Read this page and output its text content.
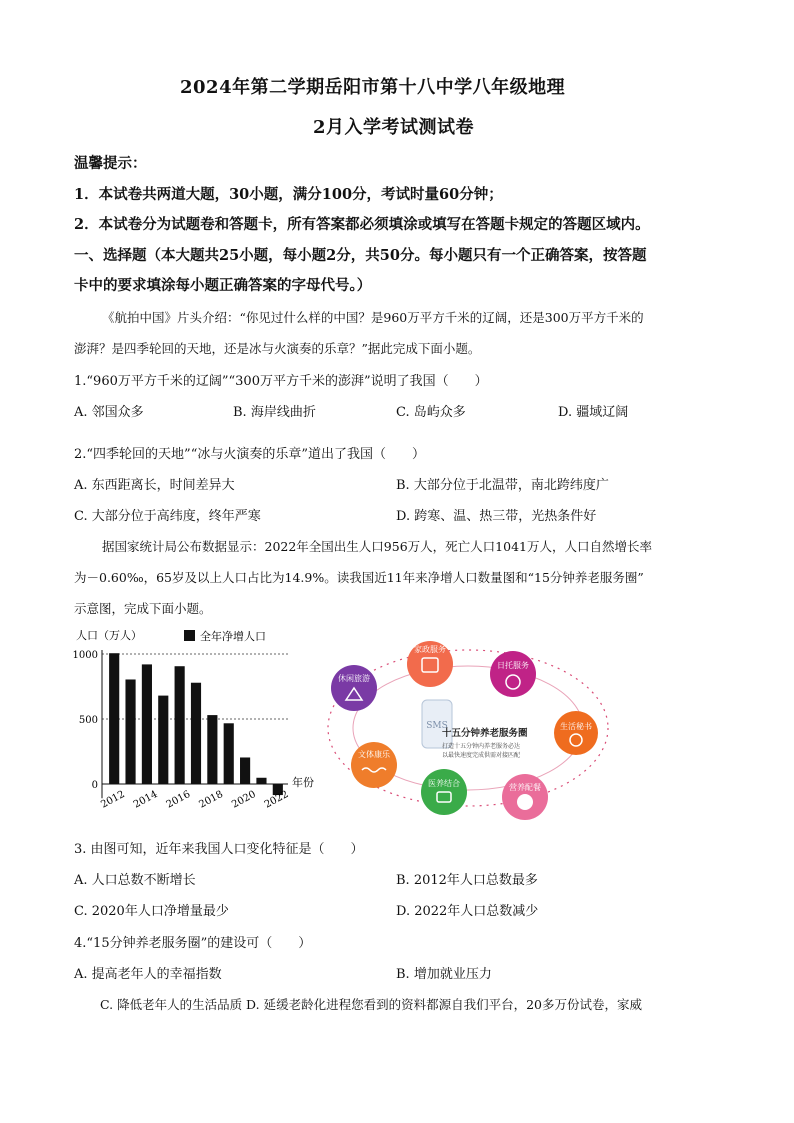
2024年第二学期岳阳市第十八中学八年级地理
2月入学考试测试卷
温馨提示：
1．本试卷共两道大题，30小题，满分100分，考试时量60分钟；
2．本试卷分为试题卷和答题卡，所有答案都必须填涂或填写在答题卡规定的答题区域内。
一、选择题（本大题共25小题，每小题2分，共50分。每小题只有一个正确答案，按答题
卡中的要求填涂每小题正确答案的字母代号。）
《航拍中国》片头介绍：“你见过什么样的中国？是960万平方千米的辽阔，还是300万平方千米的
澎湃？是四季轮回的天地，还是冰与火演奏的乐章？”据此完成下面小题。
1.“960万平方千米的辽阔”“300万平方千米的澎湃”说明了我国（　　）
A. 邻国众多	B. 海岸线曲折	C. 岛屿众多	D. 疆域辽阔
2.“四季轮回的天地”“冰与火演奏的乐章”道出了我国（　　）
A. 东西距离长，时间差异大	B. 大部分位于北温带，南北跨纬度广
C. 大部分位于高纬度，终年严寒	D. 跨寒、温、热三带，光热条件好
据国家统计局公布数据显示：2022年全国出生人口956万人，死亡人口1041万人，人口自然增长率
为－0.60‰，65岁及以上人口占比为14.9%。读我国近11年来净增人口数量图和“15分钟养老服务圈”
示意图，完成下面小题。
人口（万人）	全年净增人口
0
500
1000
2012 2014 2016 2018 2020 2022
年份
SMS
十五分钟养老服务圈
打造十五分钟内养老服务必达
以最快速度完成供需对接匹配
家政服务
日托服务
生活秘书
营养配餐
医养结合
文体康乐
休闲旅游
3. 由图可知，近年来我国人口变化特征是（　　）
A. 人口总数不断增长	B. 2012年人口总数最多
C. 2020年人口净增量最少	D. 2022年人口总数减少
4.“15分钟养老服务圈”的建设可（　　）
A. 提高老年人的幸福指数	B. 增加就业压力
C. 降低老年人的生活品质 D. 延缓老龄化进程您看到的资料都源自我们平台，20多万份试卷，家威
